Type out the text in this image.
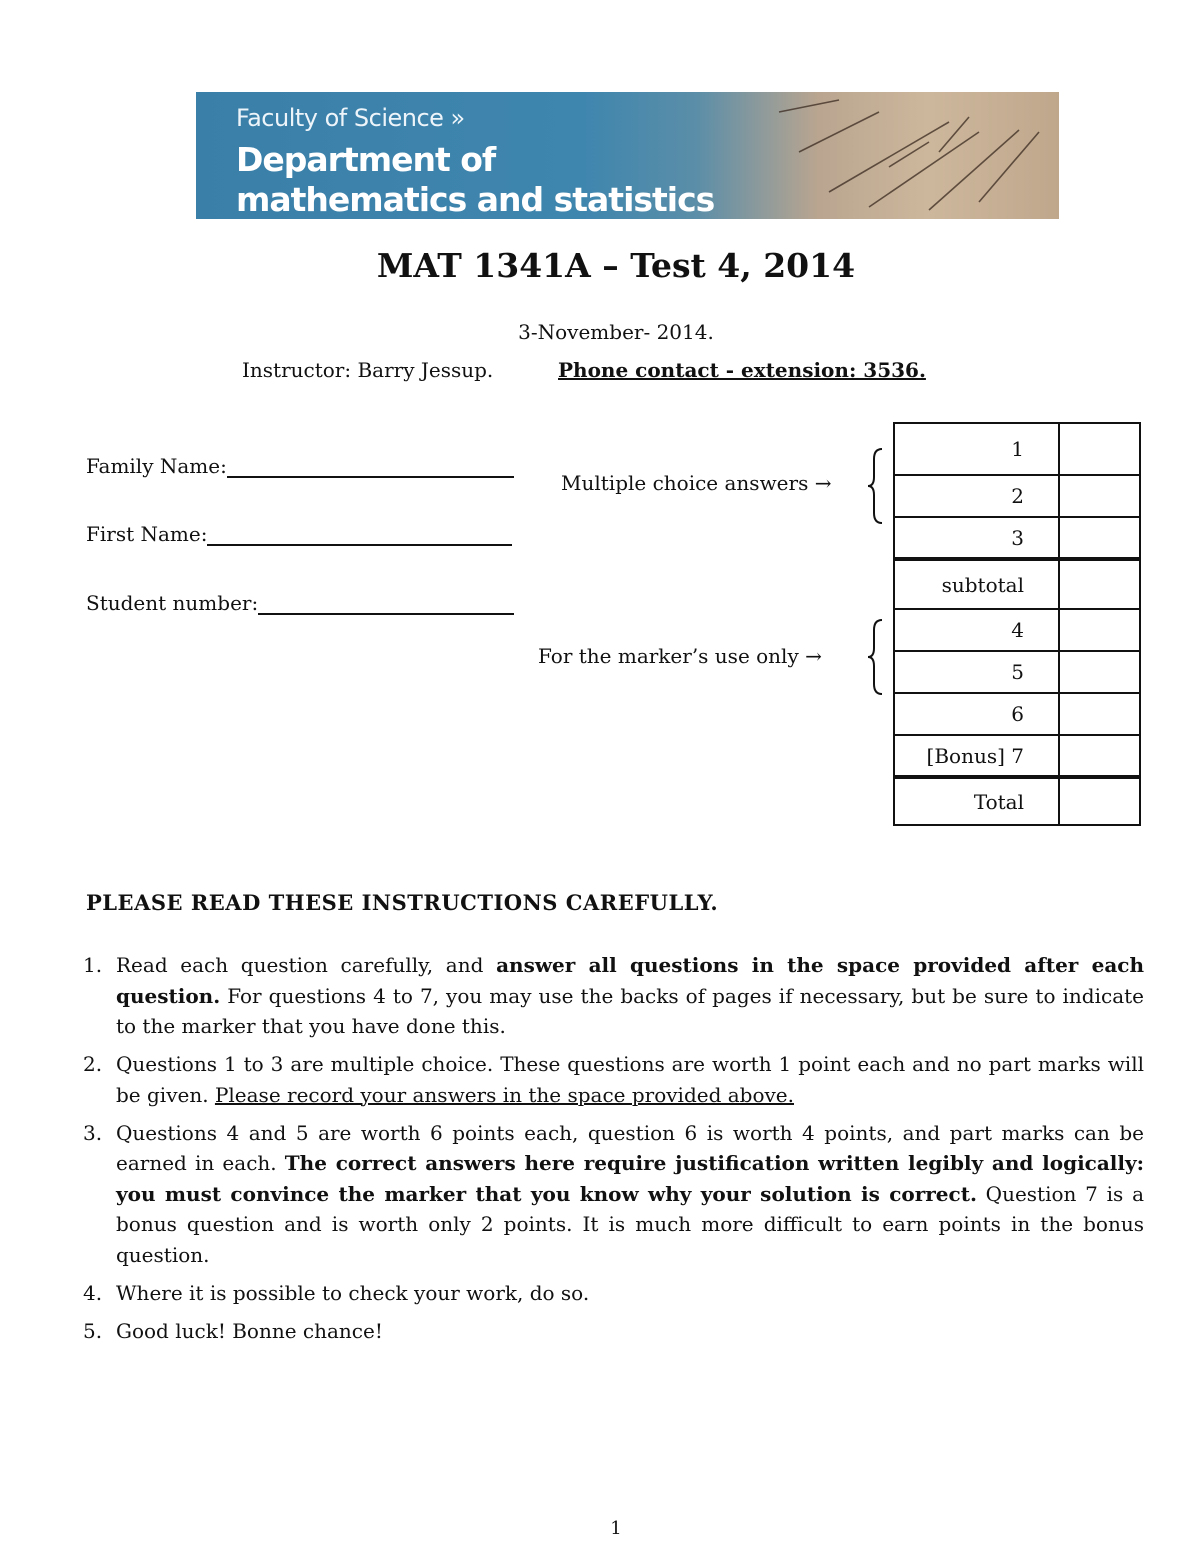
Faculty of Science »
Department of
mathematics and statistics
MAT 1341A – Test 4, 2014
3-November- 2014.
Instructor: Barry Jessup.	Phone contact - extension: 3536.
Family Name:
First Name:
Student number:
Multiple choice answers →
For the marker’s use only →
1	
2	
3	
subtotal	
4	
5	
6	
[Bonus] 7	
Total	
PLEASE READ THESE INSTRUCTIONS CAREFULLY.
1. Read each question carefully, and answer all questions in the space provided after each question. For questions 4 to 7, you may use the backs of pages if necessary, but be sure to indicate to the marker that you have done this.
2. Questions 1 to 3 are multiple choice. These questions are worth 1 point each and no part marks will be given. Please record your answers in the space provided above.
3. Questions 4 and 5 are worth 6 points each, question 6 is worth 4 points, and part marks can be earned in each. The correct answers here require justification written legibly and logically: you must convince the marker that you know why your solution is correct. Question 7 is a bonus question and is worth only 2 points. It is much more difficult to earn points in the bonus question.
4. Where it is possible to check your work, do so.
5. Good luck! Bonne chance!
1
